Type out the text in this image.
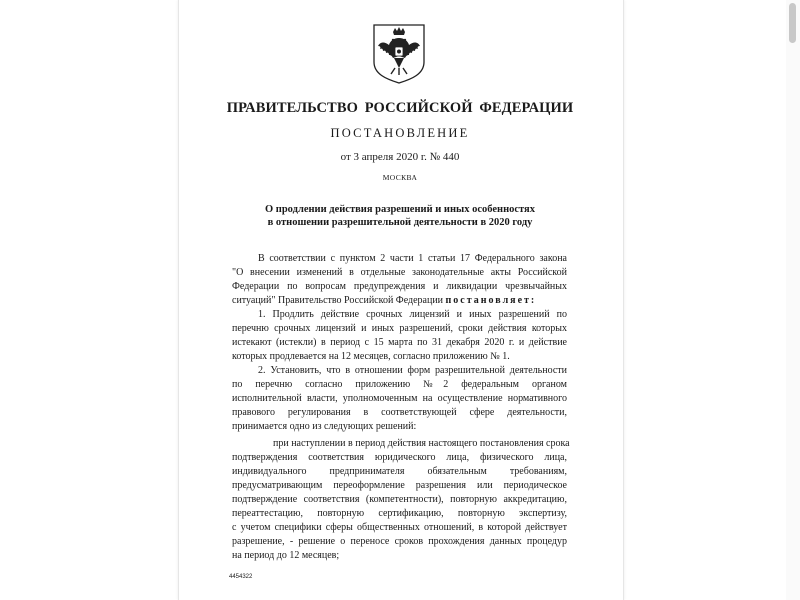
ПРАВИТЕЛЬСТВО РОССИЙСКОЙ ФЕДЕРАЦИИ
ПОСТАНОВЛЕНИЕ
от 3 апреля 2020 г. № 440
МОСКВА
О продлении действия разрешений и иных особенностях
в отношении разрешительной деятельности в 2020 году
В соответствии с пунктом 2 части 1 статьи 17 Федерального закона
"О внесении изменений в отдельные законодательные акты Российской
Федерации по вопросам предупреждения и ликвидации чрезвычайных
ситуаций" Правительство Российской Федерации постановляет:
1. Продлить действие срочных лицензий и иных разрешений по
перечню срочных лицензий и иных разрешений, сроки действия которых
истекают (истекли) в период с 15 марта по 31 декабря 2020 г. и действие
которых продлевается на 12 месяцев, согласно приложению № 1.
2. Установить, что в отношении форм разрешительной деятельности
по перечню согласно приложению №2 федеральным органом
исполнительной власти, уполномоченным на осуществление нормативного
правового регулирования в соответствующей сфере деятельности,
принимается одно из следующих решений:
при наступлении в период действия настоящего постановления срока
подтверждения соответствия юридического лица, физического лица,
индивидуального предпринимателя обязательным требованиям,
предусматривающим переоформление разрешения или периодическое
подтверждение соответствия (компетентности), повторную аккредитацию,
переаттестацию, повторную сертификацию, повторную экспертизу,
с учетом специфики сферы общественных отношений, в которой действует
разрешение, - решение о переносе сроков прохождения данных процедур
на период до 12 месяцев;
4454322
